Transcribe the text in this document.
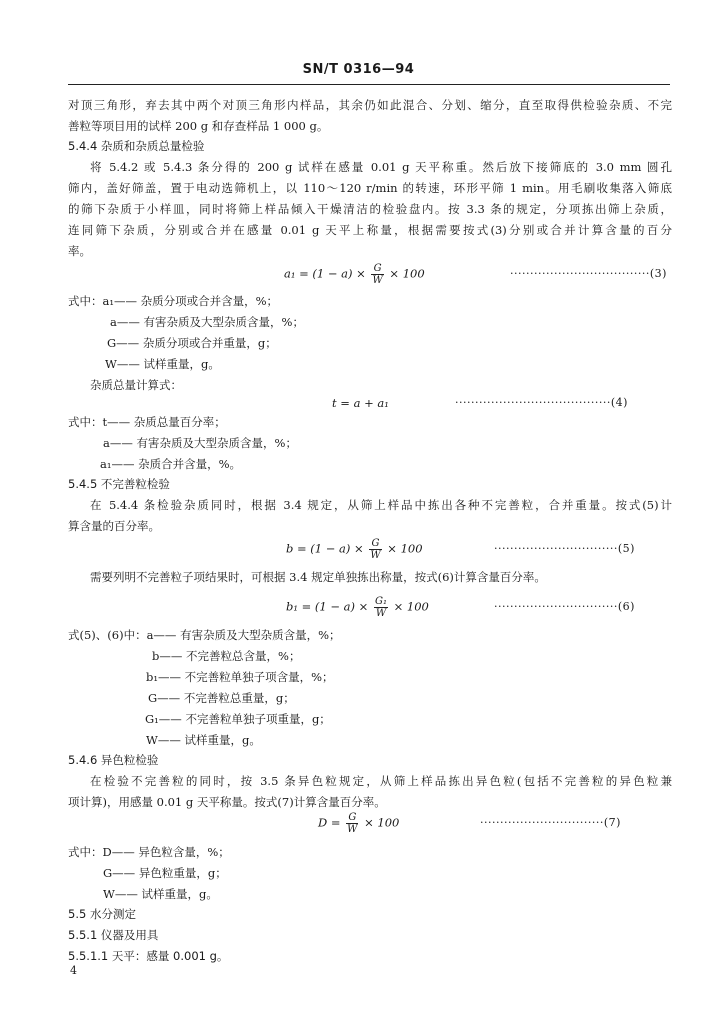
SN/T 0316—94
对顶三角形，弃去其中两个对顶三角形内样品，其余仍如此混合、分划、缩分，直至取得供检验杂质、不完
善粒等项目用的试样 200 g 和存查样品 1 000 g。
5.4.4 杂质和杂质总量检验
将 5.4.2 或 5.4.3 条分得的 200 g 试样在感量 0.01 g 天平称重。然后放下接筛底的 3.0 mm 圆孔
筛内，盖好筛盖，置于电动选筛机上，以 110～120 r/min 的转速，环形平筛 1 min。用毛刷收集落入筛底
的筛下杂质于小样皿，同时将筛上样品倾入干燥清洁的检验盘内。按 3.3 条的规定，分项拣出筛上杂质，
连同筛下杂质，分别或合并在感量 0.01 g 天平上称量，根据需要按式(3)分别或合并计算含量的百分
率。
$a_1 = (1 - a) \times \frac{G}{W} \times 100$	···································(3)
式中：a₁—— 杂质分项或合并含量，%；
a—— 有害杂质及大型杂质含量，%；
G—— 杂质分项或合并重量，g；
W—— 试样重量，g。
杂质总量计算式：
t = a + a₁	·······································(4)
式中：t—— 杂质总量百分率；
a—— 有害杂质及大型杂质含量，%；
a₁—— 杂质合并含量，%。
5.4.5 不完善粒检验
在 5.4.4 条检验杂质同时，根据 3.4 规定，从筛上样品中拣出各种不完善粒，合并重量。按式(5)计
算含量的百分率。
$b = (1 - a) \times \frac{G}{W} \times 100$	·······························(5)
需要列明不完善粒子项结果时，可根据 3.4 规定单独拣出称量，按式(6)计算含量百分率。
$b_1 = (1 - a) \times \frac{\text{G₁}}{W} \times 100$	·······························(6)
式(5)、(6)中：a—— 有害杂质及大型杂质含量，%；
b—— 不完善粒总含量，%；
b₁—— 不完善粒单独子项含量，%；
G—— 不完善粒总重量，g；
G₁—— 不完善粒单独子项重量，g；
W—— 试样重量，g。
5.4.6 异色粒检验
在检验不完善粒的同时，按 3.5 条异色粒规定，从筛上样品拣出异色粒(包括不完善粒的异色粒兼
项计算)，用感量 0.01 g 天平称量。按式(7)计算含量百分率。
$D = \frac{G}{W} \times 100$	·······························(7)
式中：D—— 异色粒含量，%；
G—— 异色粒重量，g；
W—— 试样重量，g。
5.5 水分测定
5.5.1 仪器及用具
5.5.1.1 天平：感量 0.001 g。
4
